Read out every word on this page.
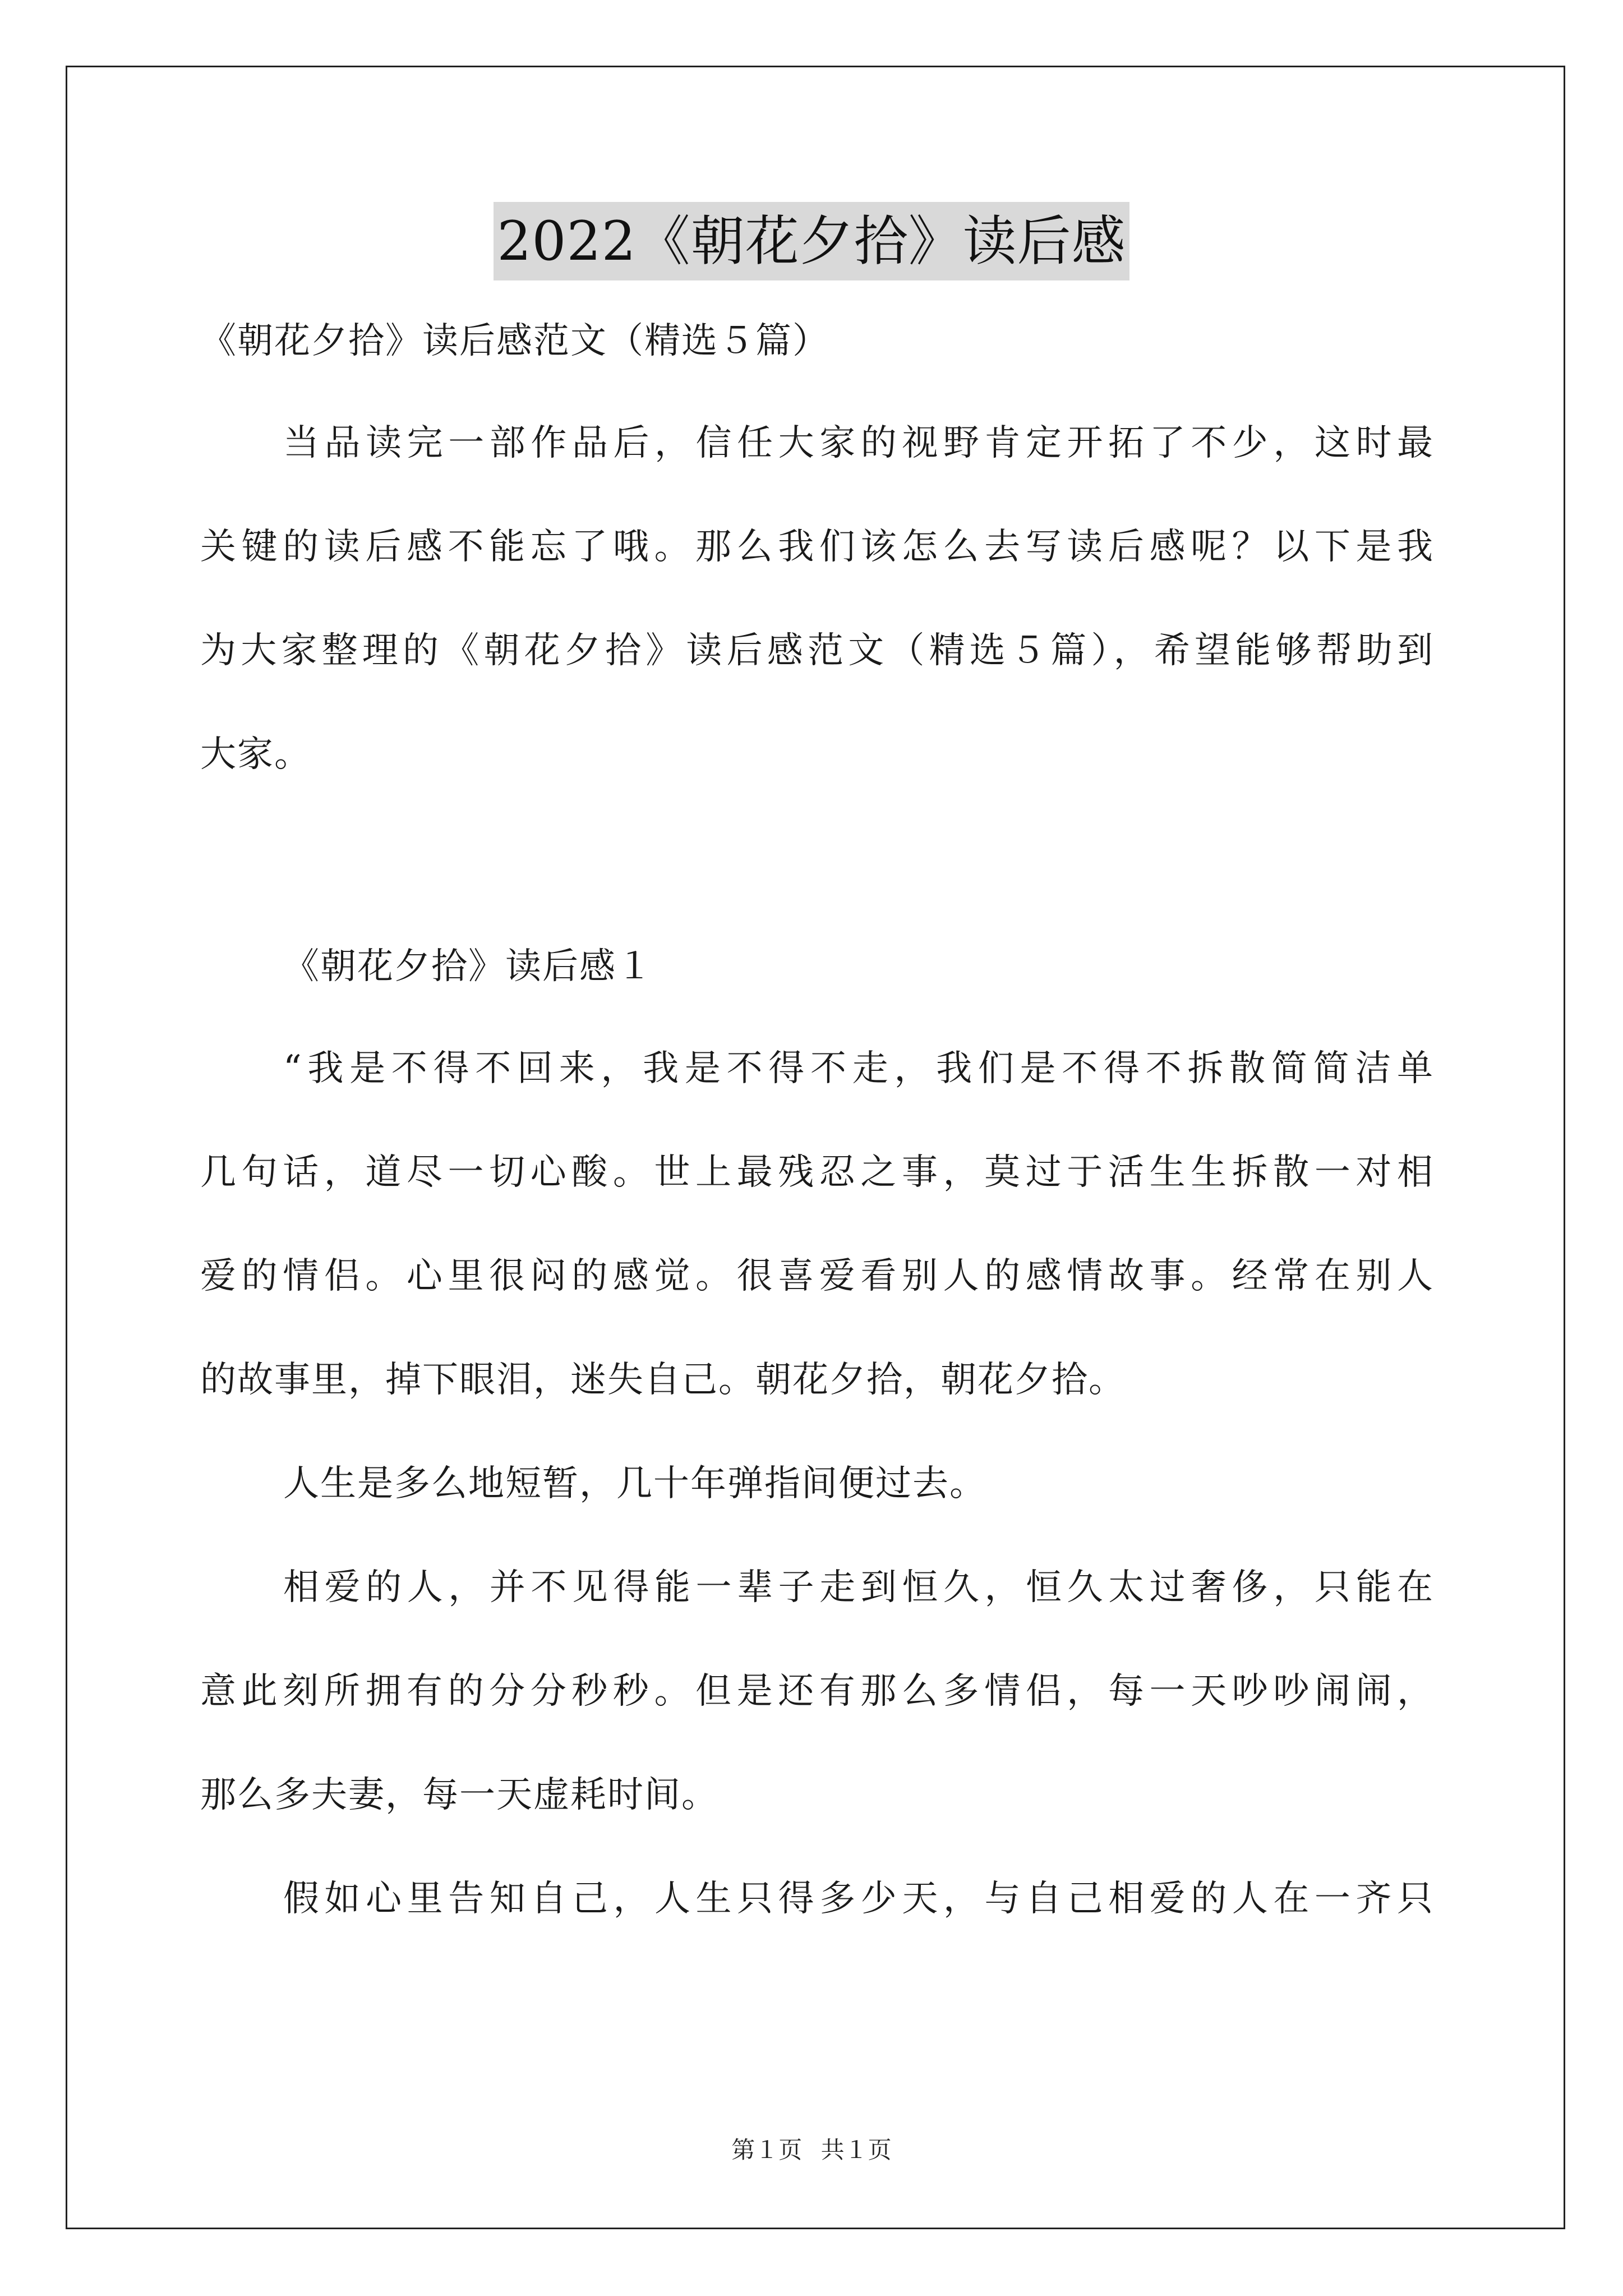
2022《朝花夕拾》读后感
《朝花夕拾》读后感范文（精选５篇）
当品读完一部作品后，信任大家的视野肯定开拓了不少，这时最
关键的读后感不能忘了哦。那么我们该怎么去写读后感呢？以下是我
为大家整理的《朝花夕拾》读后感范文（精选５篇），希望能够帮助到
大家。
《朝花夕拾》读后感１
“我是不得不回来，我是不得不走，我们是不得不拆散简简洁单
几句话，道尽一切心酸。世上最残忍之事，莫过于活生生拆散一对相
爱的情侣。心里很闷的感觉。很喜爱看别人的感情故事。经常在别人
的故事里，掉下眼泪，迷失自己。朝花夕拾，朝花夕拾。
人生是多么地短暂，几十年弹指间便过去。
相爱的人，并不见得能一辈子走到恒久，恒久太过奢侈，只能在
意此刻所拥有的分分秒秒。但是还有那么多情侣，每一天吵吵闹闹，
那么多夫妻，每一天虚耗时间。
假如心里告知自己，人生只得多少天，与自己相爱的人在一齐只
第１页 共１页
